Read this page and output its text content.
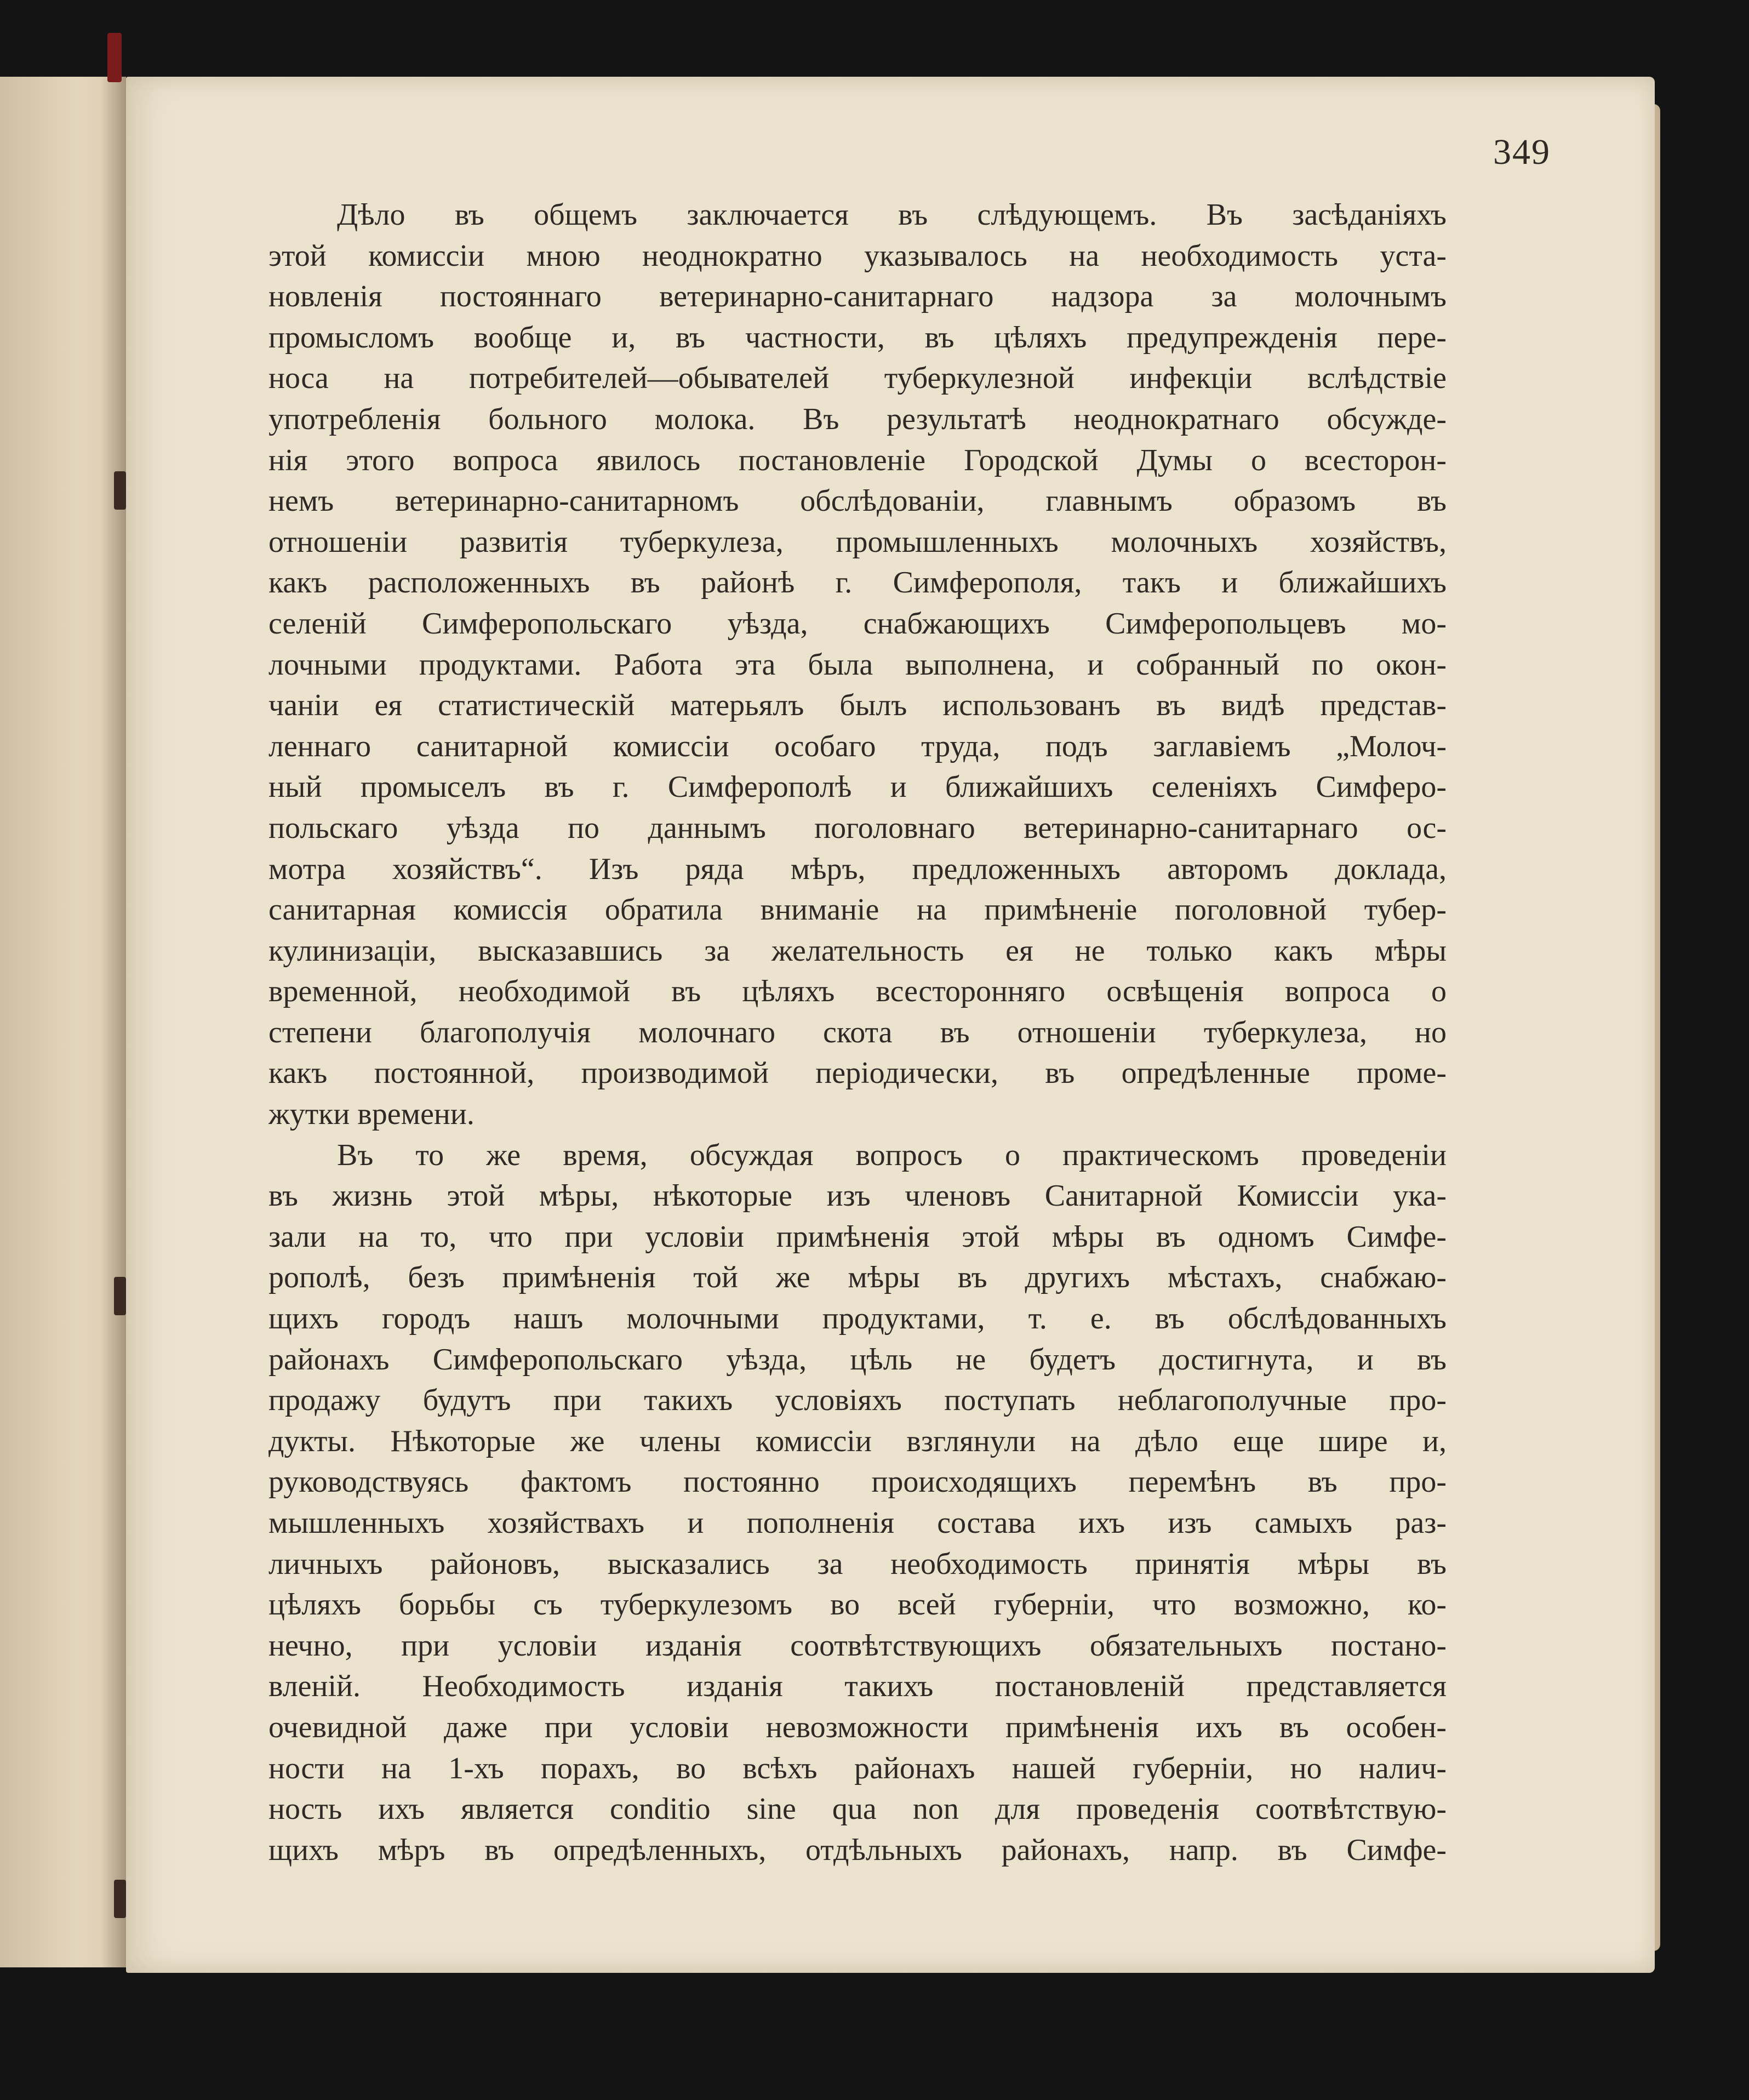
349
Дѣло въ общемъ заключается въ слѣдующемъ. Въ засѣданіяхъ
этой комиссіи мною неоднократно указывалось на необходимость уста-
новленія постояннаго ветеринарно-санитарнаго надзора за молочнымъ
промысломъ вообще и, въ частности, въ цѣляхъ предупрежденія пере-
носа на потребителей—обывателей туберкулезной инфекціи вслѣдствіе
употребленія больного молока. Въ результатѣ неоднократнаго обсужде-
нія этого вопроса явилось постановленіе Городской Думы о всесторон-
немъ ветеринарно-санитарномъ обслѣдованіи, главнымъ образомъ въ
отношеніи развитія туберкулеза, промышленныхъ молочныхъ хозяйствъ,
какъ расположенныхъ въ районѣ г. Симферополя, такъ и ближайшихъ
селеній Симферопольскаго уѣзда, снабжающихъ Симферопольцевъ мо-
лочными продуктами. Работа эта была выполнена, и собранный по окон-
чаніи ея статистическій матерьялъ былъ использованъ въ видѣ представ-
леннаго санитарной комиссіи особаго труда, подъ заглавіемъ „Молоч-
ный промыселъ въ г. Симферополѣ и ближайшихъ селеніяхъ Симферо-
польскаго уѣзда по даннымъ поголовнаго ветеринарно-санитарнаго ос-
мотра хозяйствъ“. Изъ ряда мѣръ, предложенныхъ авторомъ доклада,
санитарная комиссія обратила вниманіе на примѣненіе поголовной тубер-
кулинизаціи, высказавшись за желательность ея не только какъ мѣры
временной, необходимой въ цѣляхъ всесторонняго освѣщенія вопроса о
степени благополучія молочнаго скота въ отношеніи туберкулеза, но
какъ постоянной, производимой періодически, въ опредѣленные проме-
жутки времени.
Въ то же время, обсуждая вопросъ о практическомъ проведеніи
въ жизнь этой мѣры, нѣкоторые изъ членовъ Санитарной Комиссіи ука-
зали на то, что при условіи примѣненія этой мѣры въ одномъ Симфе-
рополѣ, безъ примѣненія той же мѣры въ другихъ мѣстахъ, снабжаю-
щихъ городъ нашъ молочными продуктами, т. е. въ обслѣдованныхъ
районахъ Симферопольскаго уѣзда, цѣль не будетъ достигнута, и въ
продажу будутъ при такихъ условіяхъ поступать неблагополучные про-
дукты. Нѣкоторые же члены комиссіи взглянули на дѣло еще шире и,
руководствуясь фактомъ постоянно происходящихъ перемѣнъ въ про-
мышленныхъ хозяйствахъ и пополненія состава ихъ изъ самыхъ раз-
личныхъ районовъ, высказались за необходимость принятія мѣры въ
цѣляхъ борьбы съ туберкулезомъ во всей губерніи, что возможно, ко-
нечно, при условіи изданія соотвѣтствующихъ обязательныхъ постано-
вленій. Необходимость изданія такихъ постановленій представляется
очевидной даже при условіи невозможности примѣненія ихъ въ особен-
ности на 1-хъ порахъ, во всѣхъ районахъ нашей губерніи, но налич-
ность ихъ является conditio sine qua non для проведенія соотвѣтствую-
щихъ мѣръ въ опредѣленныхъ, отдѣльныхъ районахъ, напр. въ Симфе-
